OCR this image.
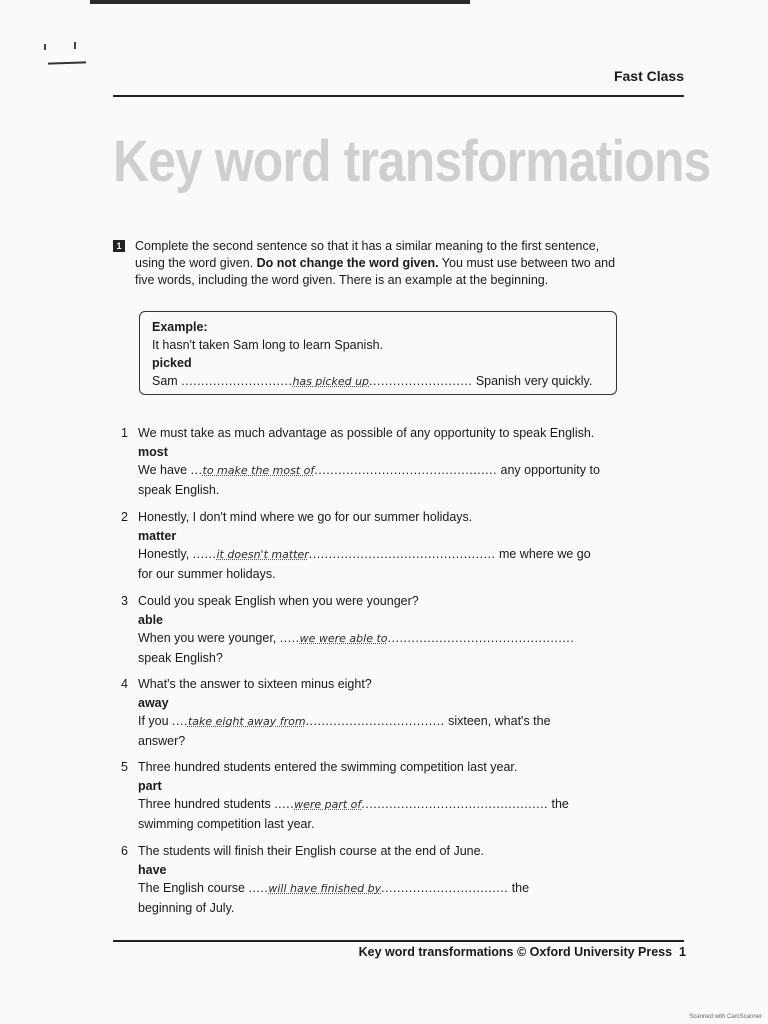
Fast Class
Key word transformations
1 Complete the second sentence so that it has a similar meaning to the first sentence, using the word given. Do not change the word given. You must use between two and five words, including the word given. There is an example at the beginning.
Example:
It hasn't taken Sam long to learn Spanish.
picked
Sam ............................has picked up.......................... Spanish very quickly.
1 We must take as much advantage as possible of any opportunity to speak English.
most
We have ...to make the most of.............................................. any opportunity to
speak English.
2 Honestly, I don't mind where we go for our summer holidays.
matter
Honestly, ......it doesn't matter............................................... me where we go
for our summer holidays.
3 Could you speak English when you were younger?
able
When you were younger, .....we were able to...............................................
speak English?
4 What's the answer to sixteen minus eight?
away
If you ....take eight away from................................... sixteen, what's the
answer?
5 Three hundred students entered the swimming competition last year.
part
Three hundred students .....were part of............................................... the
swimming competition last year.
6 The students will finish their English course at the end of June.
have
The English course .....will have finished by................................ the
beginning of July.
Key word transformations © Oxford University Press 1
Scanned with CamScanner
